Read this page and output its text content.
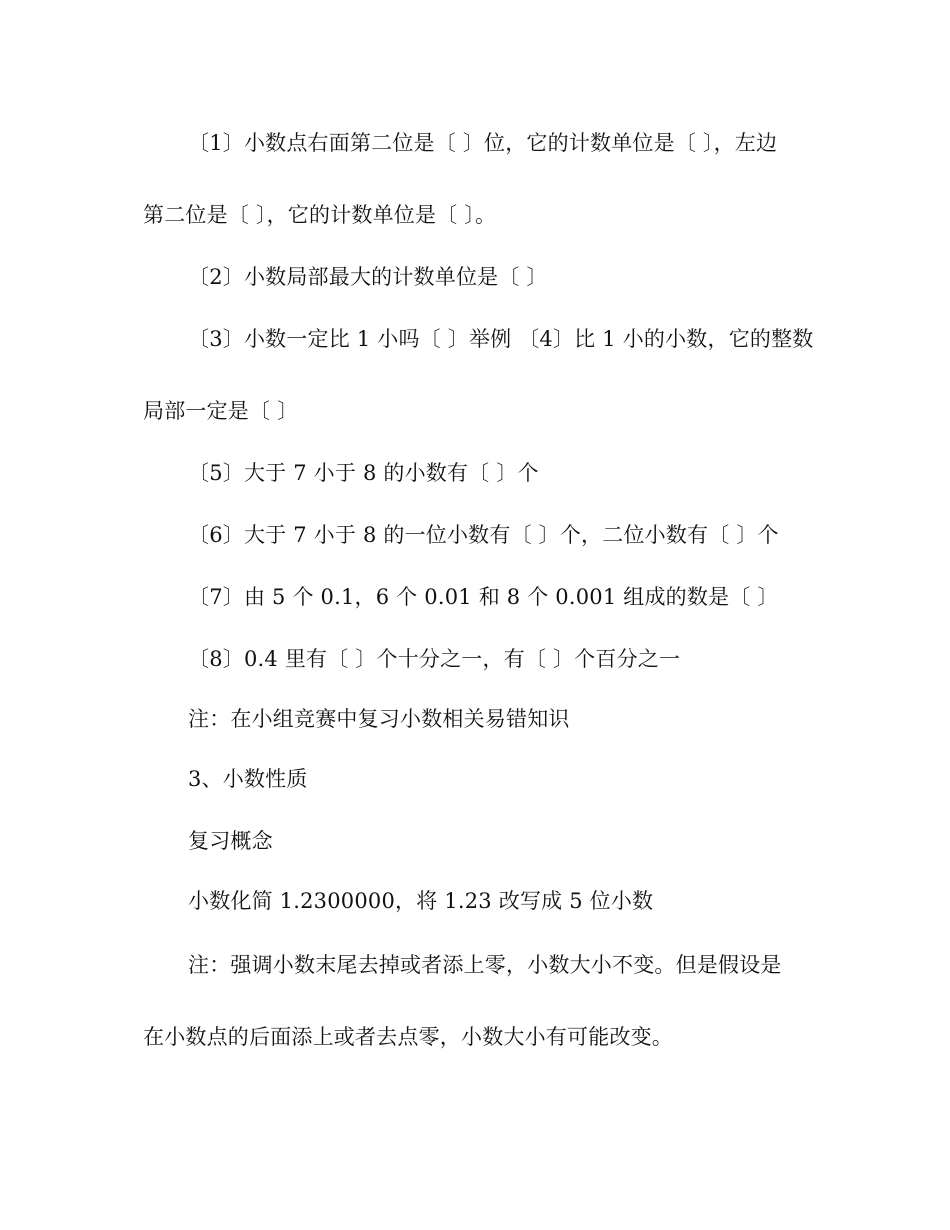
〔1〕小数点右面第二位是〔 〕位，它的计数单位是〔 〕，左边
第二位是〔 〕，它的计数单位是〔 〕。
〔2〕小数局部最大的计数单位是〔 〕
〔3〕小数一定比 1 小吗〔 〕举例 〔4〕比 1 小的小数，它的整数
局部一定是〔 〕
〔5〕大于 7 小于 8 的小数有〔 〕个
〔6〕大于 7 小于 8 的一位小数有〔 〕个，二位小数有〔 〕个
〔7〕由 5 个 0.1，6 个 0.01 和 8 个 0.001 组成的数是〔 〕
〔8〕0.4 里有〔 〕个十分之一，有〔 〕个百分之一
注：在小组竞赛中复习小数相关易错知识
3、小数性质
复习概念
小数化简 1.2300000，将 1.23 改写成 5 位小数
注：强调小数末尾去掉或者添上零，小数大小不变。但是假设是
在小数点的后面添上或者去点零，小数大小有可能改变。
